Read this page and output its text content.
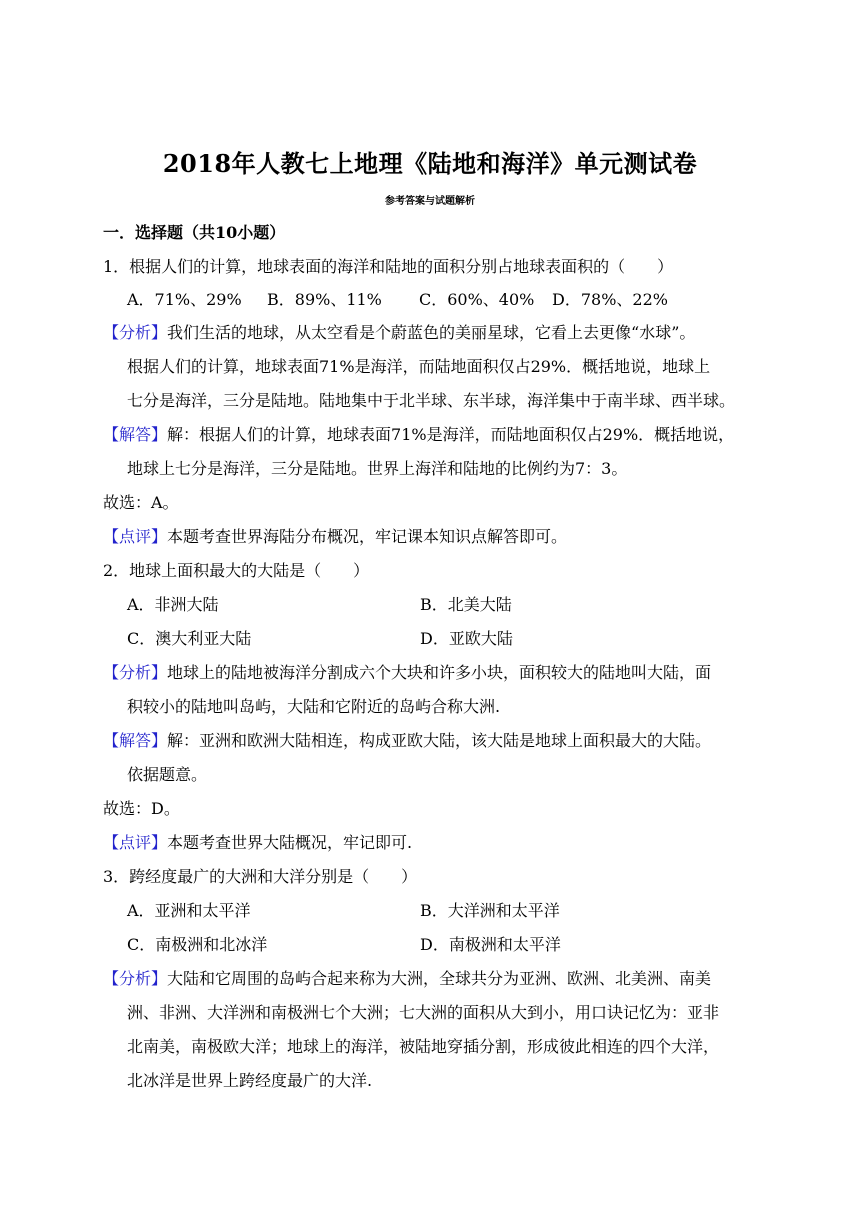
2018年人教七上地理《陆地和海洋》单元测试卷
参考答案与试题解析
一．选择题（共10小题）
1．根据人们的计算，地球表面的海洋和陆地的面积分别占地球表面积的（　　）
A．71%、29% B．89%、11% C．60%、40% D．78%、22%
【分析】我们生活的地球，从太空看是个蔚蓝色的美丽星球，它看上去更像“水球”。
根据人们的计算，地球表面71%是海洋，而陆地面积仅占29%．概括地说，地球上
七分是海洋，三分是陆地。陆地集中于北半球、东半球，海洋集中于南半球、西半球。
【解答】解：根据人们的计算，地球表面71%是海洋，而陆地面积仅占29%．概括地说，
地球上七分是海洋，三分是陆地。世界上海洋和陆地的比例约为7：3。
故选：A。
【点评】本题考查世界海陆分布概况，牢记课本知识点解答即可。
2．地球上面积最大的大陆是（　　）
A．非洲大陆	B．北美大陆
C．澳大利亚大陆	D．亚欧大陆
【分析】地球上的陆地被海洋分割成六个大块和许多小块，面积较大的陆地叫大陆，面
积较小的陆地叫岛屿，大陆和它附近的岛屿合称大洲.
【解答】解：亚洲和欧洲大陆相连，构成亚欧大陆，该大陆是地球上面积最大的大陆。
依据题意。
故选：D。
【点评】本题考查世界大陆概况，牢记即可.
3．跨经度最广的大洲和大洋分别是（　　）
A．亚洲和太平洋	B．大洋洲和太平洋
C．南极洲和北冰洋	D．南极洲和太平洋
【分析】大陆和它周围的岛屿合起来称为大洲，全球共分为亚洲、欧洲、北美洲、南美
洲、非洲、大洋洲和南极洲七个大洲；七大洲的面积从大到小，用口诀记忆为：亚非
北南美，南极欧大洋；地球上的海洋，被陆地穿插分割，形成彼此相连的四个大洋，
北冰洋是世界上跨经度最广的大洋.
